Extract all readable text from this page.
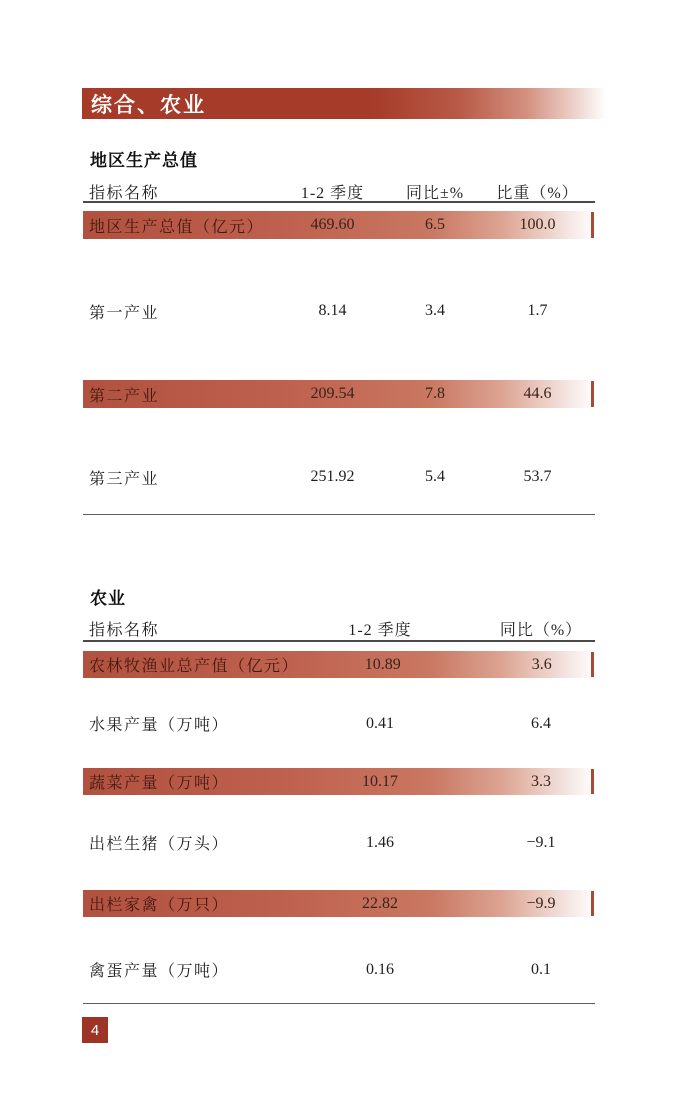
综合、农业
地区生产总值
指标名称	1-2 季度	同比±%	比重（%）
地区生产总值（亿元）	469.60	6.5	100.0
第一产业	8.14	3.4	1.7
第二产业	209.54	7.8	44.6
第三产业	251.92	5.4	53.7
农业
指标名称	1-2 季度	同比（%）
农林牧渔业总产值（亿元）	10.89	3.6
水果产量（万吨）	0.41	6.4
蔬菜产量（万吨）	10.17	3.3
出栏生猪（万头）	1.46	−9.1
出栏家禽（万只）	22.82	−9.9
禽蛋产量（万吨）	0.16	0.1
4
